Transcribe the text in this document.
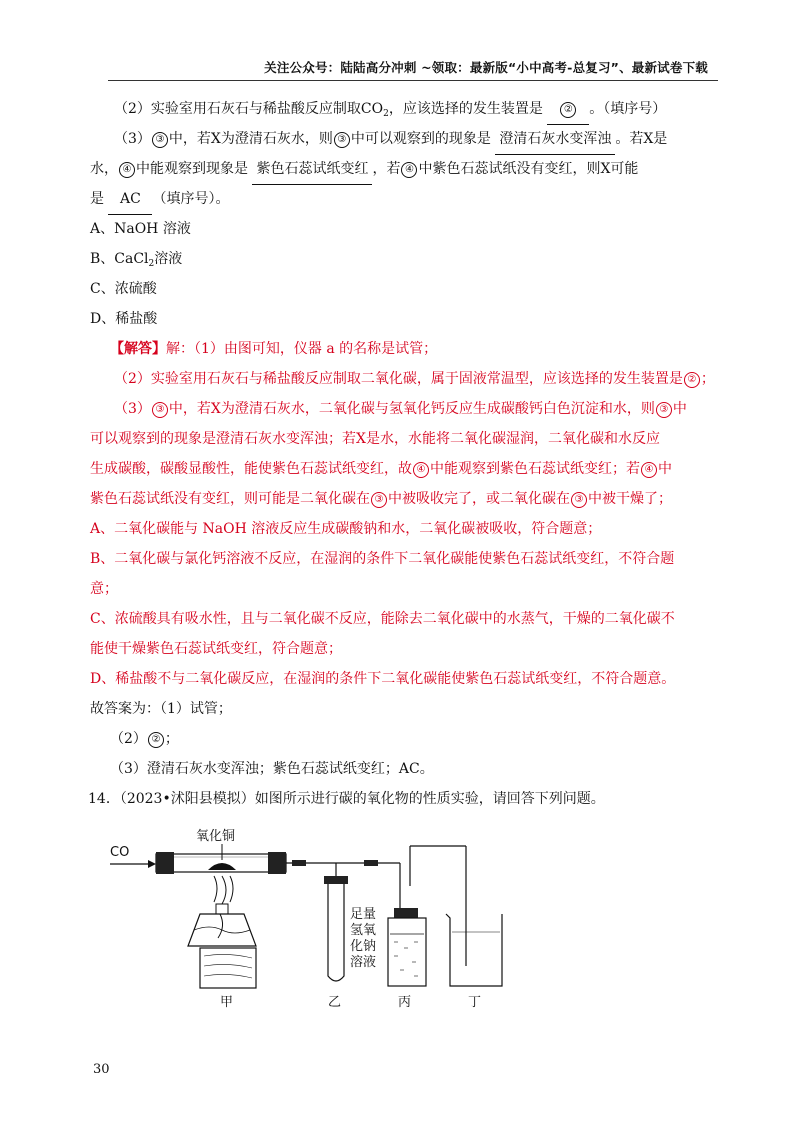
关注公众号：陆陆高分冲刺 ~领取：最新版“小中高考-总复习”、最新试卷下载
（2）实验室用石灰石与稀盐酸反应制取$CO_2$，应该选择的发生装置是 ② 。（填序号）
（3） ③ 中，若X为澄清石灰水，则 ③ 中可以观察到的现象是 澄清石灰水变浑浊 。若X是
水， ④ 中能观察到现象是 紫色石蕊试纸变红 ，若 ④ 中紫色石蕊试纸没有变红，则X可能
是 AC （填序号）。
A、NaOH 溶液
B、CaCl$_2$溶液
C、浓硫酸
D、稀盐酸
【解答】解：（1）由图可知，仪器 a 的名称是试管；
（2）实验室用石灰石与稀盐酸反应制取二氧化碳，属于固液常温型，应该选择的发生装置是 ② ；
（3） ③ 中，若X为澄清石灰水，二氧化碳与氢氧化钙反应生成碳酸钙白色沉淀和水，则 ③ 中
可以观察到的现象是澄清石灰水变浑浊；若X是水，水能将二氧化碳湿润，二氧化碳和水反应
生成碳酸，碳酸显酸性，能使紫色石蕊试纸变红，故 ④ 中能观察到紫色石蕊试纸变红；若 ④ 中
紫色石蕊试纸没有变红，则可能是二氧化碳在 ③ 中被吸收完了，或二氧化碳在 ③ 中被干燥了；
A、二氧化碳能与 NaOH 溶液反应生成碳酸钠和水，二氧化碳被吸收，符合题意；
B、二氧化碳与氯化钙溶液不反应，在湿润的条件下二氧化碳能使紫色石蕊试纸变红，不符合题
意；
C、浓硫酸具有吸水性，且与二氧化碳不反应，能除去二氧化碳中的水蒸气，干燥的二氧化碳不
能使干燥紫色石蕊试纸变红，符合题意；
D、稀盐酸不与二氧化碳反应，在湿润的条件下二氧化碳能使紫色石蕊试纸变红，不符合题意。
故答案为：（1）试管；
（2） ② ；
（3）澄清石灰水变浑浊；紫色石蕊试纸变红；AC。
14．（2023•沭阳县模拟）如图所示进行碳的氧化物的性质实验，请回答下列问题。
CO
氧化铜
甲	乙
足量
氢氧
化钠
溶液
丙	丁
30
